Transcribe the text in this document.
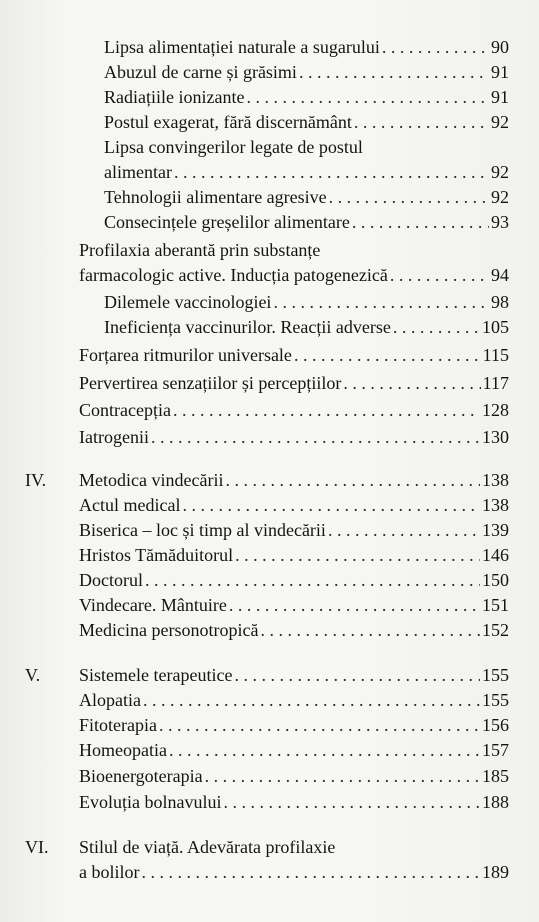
Lipsa alimentației naturale a sugarului . . .	90
Abuzul de carne și grăsimi . . .	91
Radiațiile ionizante . . .	91
Postul exagerat, fără discernământ . . .	92
Lipsa convingerilor legate de postul
alimentar . . .	92
Tehnologii alimentare agresive . . .	92
Consecințele greșelilor alimentare . . .	93
Profilaxia aberantă prin substanțe
farmacologic active. Inducția patogenezică . . .	94
Dilemele vaccinologiei . . .	98
Ineficiența vaccinurilor. Reacții adverse . . .	105
Forțarea ritmurilor universale . . .	115
Pervertirea senzațiilor și percepțiilor . . .	117
Contracepția . . .	128
Iatrogenii . . .	130
IV. Metodica vindecării . . .	138
Actul medical . . .	138
Biserica – loc și timp al vindecării . . .	139
Hristos Tămăduitorul . . .	146
Doctorul . . .	150
Vindecare. Mântuire . . .	151
Medicina personotropică . . .	152
V. Sistemele terapeutice . . .	155
Alopatia . . .	155
Fitoterapia . . .	156
Homeopatia . . .	157
Bioenergoterapia . . .	185
Evoluția bolnavului . . .	188
VI. Stilul de viață. Adevărata profilaxie
a bolilor . . .	189
